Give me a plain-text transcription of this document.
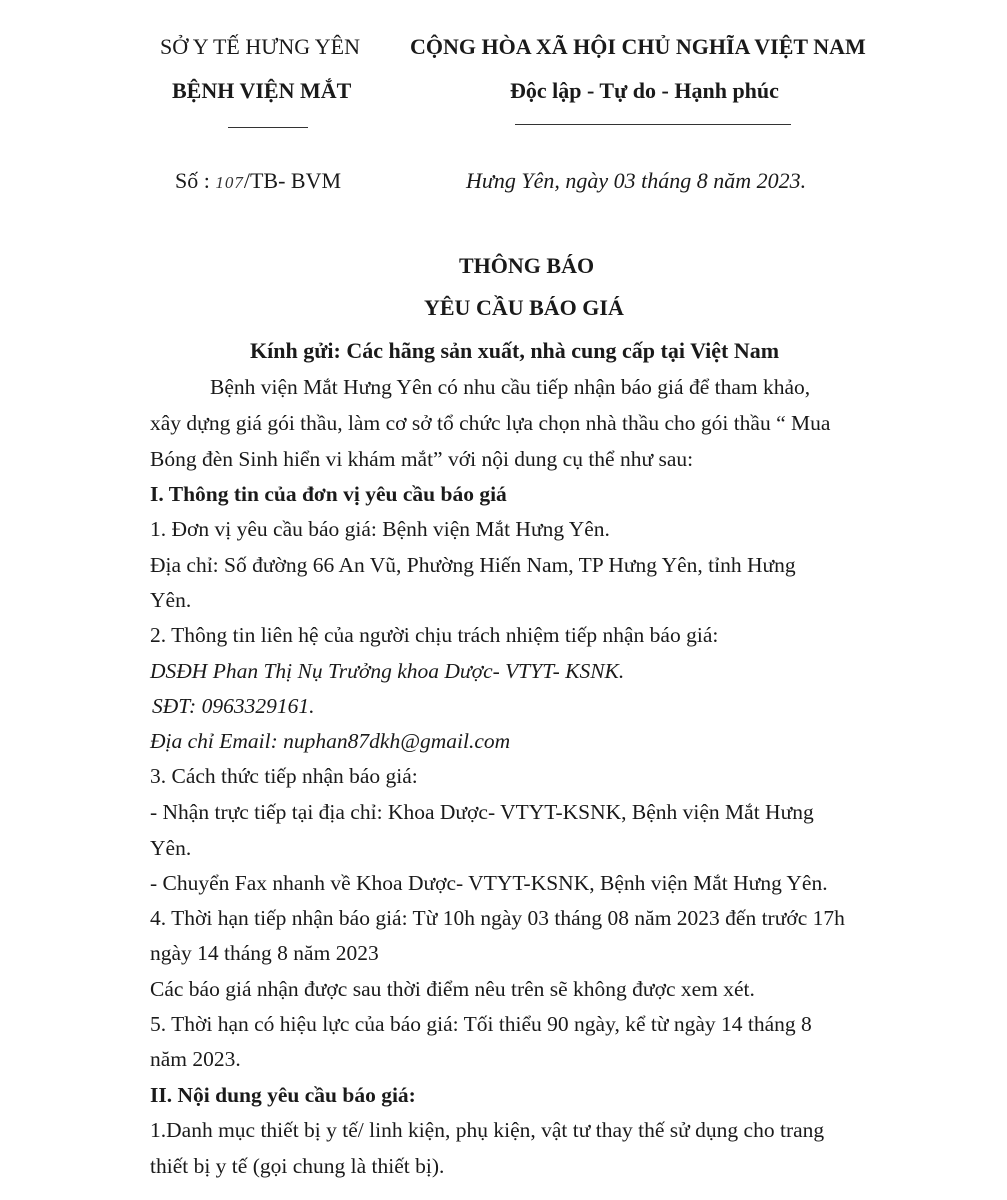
SỞ Y TẾ HƯNG YÊN
BỆNH VIỆN MẮT
CỘNG HÒA XÃ HỘI CHỦ NGHĨA VIỆT NAM
Độc lập - Tự do - Hạnh phúc
Số : 107/TB- BVM	Hưng Yên, ngày 03 tháng 8 năm 2023.
THÔNG BÁO
YÊU CẦU BÁO GIÁ
Kính gửi: Các hãng sản xuất, nhà cung cấp tại Việt Nam
Bệnh viện Mắt Hưng Yên có nhu cầu tiếp nhận báo giá để tham khảo,
xây dựng giá gói thầu, làm cơ sở tổ chức lựa chọn nhà thầu cho gói thầu “ Mua
Bóng đèn Sinh hiển vi khám mắt” với nội dung cụ thể như sau:
I. Thông tin của đơn vị yêu cầu báo giá
1. Đơn vị yêu cầu báo giá: Bệnh viện Mắt Hưng Yên.
Địa chỉ: Số đường 66 An Vũ, Phường Hiến Nam, TP Hưng Yên, tỉnh Hưng
Yên.
2. Thông tin liên hệ của người chịu trách nhiệm tiếp nhận báo giá:
DSĐH Phan Thị Nụ Trưởng khoa Dược- VTYT- KSNK.
SĐT: 0963329161.
Địa chỉ Email: nuphan87dkh@gmail.com
3. Cách thức tiếp nhận báo giá:
- Nhận trực tiếp tại địa chỉ: Khoa Dược- VTYT-KSNK, Bệnh viện Mắt Hưng
Yên.
- Chuyển Fax nhanh về Khoa Dược- VTYT-KSNK, Bệnh viện Mắt Hưng Yên.
4. Thời hạn tiếp nhận báo giá: Từ 10h ngày 03 tháng 08 năm 2023 đến trước 17h
ngày 14 tháng 8 năm 2023
Các báo giá nhận được sau thời điểm nêu trên sẽ không được xem xét.
5. Thời hạn có hiệu lực của báo giá: Tối thiểu 90 ngày, kể từ ngày 14 tháng 8
năm 2023.
II. Nội dung yêu cầu báo giá:
1.Danh mục thiết bị y tế/ linh kiện, phụ kiện, vật tư thay thế sử dụng cho trang
thiết bị y tế (gọi chung là thiết bị).
